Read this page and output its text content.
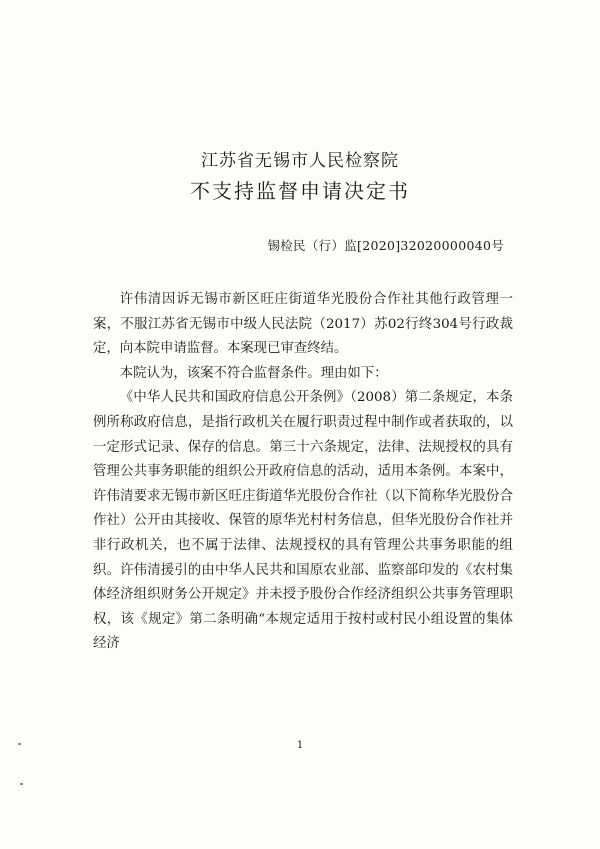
江苏省无锡市人民检察院
不支持监督申请决定书
锡检民（行）监[2020]32020000040号

许伟清因诉无锡市新区旺庄街道华光股份合作社其他行政管理一案，不服江苏省无锡市中级人民法院（2017）苏02行终304号行政裁定，向本院申请监督。本案现已审查终结。

本院认为，该案不符合监督条件。理由如下：

《中华人民共和国政府信息公开条例》（2008）第二条规定，本条例所称政府信息，是指行政机关在履行职责过程中制作或者获取的，以一定形式记录、保存的信息。第三十六条规定，法律、法规授权的具有管理公共事务职能的组织公开政府信息的活动，适用本条例。本案中，许伟清要求无锡市新区旺庄街道华光股份合作社（以下简称华光股份合作社）公开由其接收、保管的原华光村村务信息，但华光股份合作社并非行政机关，也不属于法律、法规授权的具有管理公共事务职能的组织。许伟清援引的由中华人民共和国原农业部、监察部印发的《农村集体经济组织财务公开规定》并未授予股份合作经济组织公共事务管理职权，该《规定》第二条明确“本规定适用于按村或村民小组设置的集体经济

1
